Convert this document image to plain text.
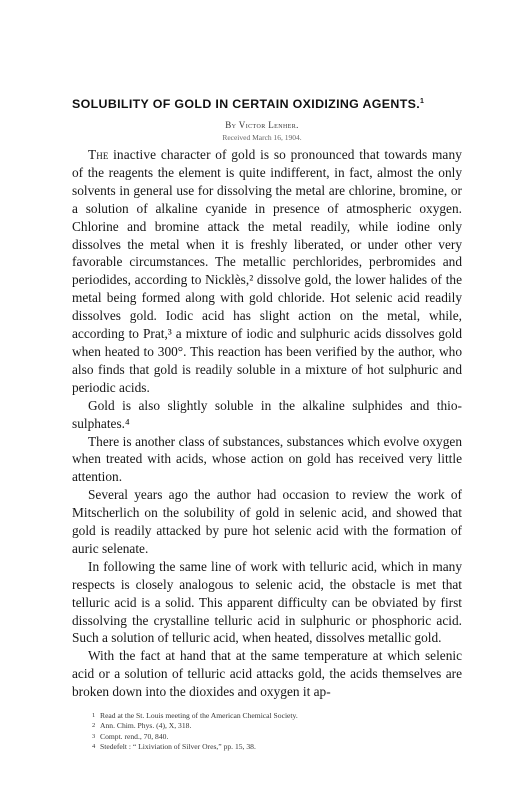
SOLUBILITY OF GOLD IN CERTAIN OXIDIZING AGENTS.$^1$
By Victor Lenher.
Received March 16, 1904.

The inactive character of gold is so pronounced that towards many of the reagents the element is quite indifferent, in fact, almost the only solvents in general use for dissolving the metal are chlorine, bromine, or a solution of alkaline cyanide in presence of atmospheric oxygen. Chlorine and bromine attack the metal readily, while iodine only dissolves the metal when it is freshly liberated, or under other very favorable circumstances. The metallic perchlorides, perbromides and periodides, according to Nicklès,² dissolve gold, the lower halides of the metal being formed along with gold chloride. Hot selenic acid readily dissolves gold. Iodic acid has slight action on the metal, while, according to Prat,³ a mixture of iodic and sulphuric acids dissolves gold when heated to 300°. This reaction has been verified by the author, who also finds that gold is readily soluble in a mixture of hot sulphuric and periodic acids.

Gold is also slightly soluble in the alkaline sulphides and thiosulphates.⁴

There is another class of substances, substances which evolve oxygen when treated with acids, whose action on gold has received very little attention.

Several years ago the author had occasion to review the work of Mitscherlich on the solubility of gold in selenic acid, and showed that gold is readily attacked by pure hot selenic acid with the formation of auric selenate.

In following the same line of work with telluric acid, which in many respects is closely analogous to selenic acid, the obstacle is met that telluric acid is a solid. This apparent difficulty can be obviated by first dissolving the crystalline telluric acid in sulphuric or phosphoric acid. Such a solution of telluric acid, when heated, dissolves metallic gold.

With the fact at hand that at the same temperature at which selenic acid or a solution of telluric acid attacks gold, the acids themselves are broken down into the dioxides and oxygen it ap-

1 Read at the St. Louis meeting of the American Chemical Society.
2 Ann. Chim. Phys. (4), X, 318.
3 Compt. rend., 70, 840.
4 Stedefelt : “ Lixiviation of Silver Ores,” pp. 15, 38.
